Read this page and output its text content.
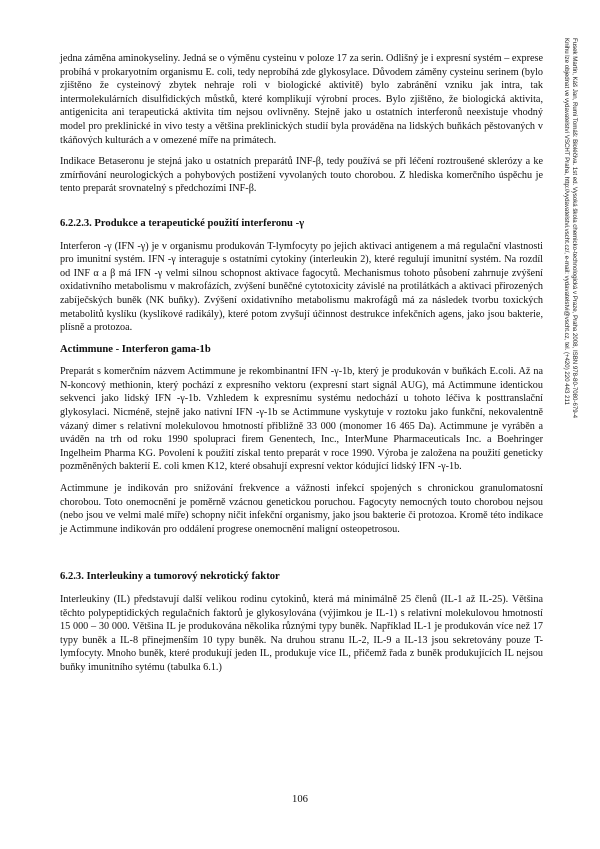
Fusek Martin, Káš Jan, Rumi Tomáš: Bioléčiva. 1st ed. Vysoká škola chemicko-technologická v Praze, Praha 2008, ISBN 978-80-7080-679-4
Knihu lze objednat ve vydavatelství VŠCHT Praha, http://vydavatelstvi.vscht.cz/, e-mail: vydavatelstvi@vscht.cz, tel. (+420) 220 443 211

jedna záměna aminokyseliny. Jedná se o výměnu cysteinu v poloze 17 za serin. Odlišný je i expresní systém – exprese probíhá v prokaryotním organismu E. coli, tedy neprobíhá zde glykosylace. Důvodem záměny cysteinu serinem (bylo zjištěno že cysteinový zbytek nehraje roli v biologické aktivitě) bylo zabránění vzniku jak intra, tak intermolekulárních disulfidických můstků, které komplikují výrobní proces. Bylo zjištěno, že biologická aktivita, antigenicita ani terapeutická aktivita tím nejsou ovlivněny. Stejně jako u ostatních interferonů neexistuje vhodný model pro preklinické in vivo testy a většina preklinických studií byla prováděna na lidských buňkách pěstovaných v tkáňových kulturách a v omezené míře na primátech.

Indikace Betaseronu je stejná jako u ostatních preparátů INF-β, tedy používá se při léčení roztroušené sklerózy a ke zmírňování neurologických a pohybových postižení vyvolaných touto chorobou. Z hlediska komerčního úspěchu je tento preparát srovnatelný s předchozími INF-β.

6.2.2.3. Produkce a terapeutické použití interferonu -γ

Interferon -γ (IFN -γ) je v organismu produkován T-lymfocyty po jejich aktivaci antigenem a má regulační vlastnosti pro imunitní systém. IFN -γ interaguje s ostatními cytokiny (interleukin 2), které regulují imunitní systém. Na rozdíl od INF α a β má IFN -γ velmi silnou schopnost aktivace fagocytů. Mechanismus tohoto působení zahrnuje zvýšení oxidativního metabolismu v makrofázích, zvýšení buněčné cytotoxicity závislé na protilátkách a aktivaci přirozených zabíječských buněk (NK buňky). Zvýšení oxidativního metabolismu makrofágů má za následek tvorbu toxických metabolitů kyslíku (kyslíkové radikály), které potom zvyšují účinnost destrukce infekčních agens, jako jsou bakterie, plísně a protozoa.

Actimmune - Interferon gama-1b

Preparát s komerčním názvem Actimmune je rekombinantní IFN -γ-1b, který je produkován v buňkách E.coli. Až na N-koncový methionin, který pochází z expresního vektoru (expresní start signál AUG), má Actimmune identickou sekvenci jako lidský IFN -γ-1b. Vzhledem k expresnímu systému nedochází u tohoto léčiva k posttranslační glykosylaci. Nicméně, stejně jako nativní IFN -γ-1b se Actimmune vyskytuje v roztoku jako funkční, nekovalentně vázaný dimer s relativní molekulovou hmotností přibližně 33 000 (monomer 16 465 Da). Actimmune je vyráběn a uváděn na trh od roku 1990 spolupraci firem Genentech, Inc., InterMune Pharmaceuticals Inc. a Boehringer Ingelheim Pharma KG. Povolení k použití získal tento preparát v roce 1990. Výroba je založena na použití geneticky pozměněných bakterií E. coli kmen K12, které obsahují expresní vektor kódující lidský IFN -γ-1b.

Actimmune je indikován pro snižování frekvence a vážnosti infekcí spojených s chronickou granulomatosní chorobou. Toto onemocnění je poměrně vzácnou genetickou poruchou. Fagocyty nemocných touto chorobou nejsou (nebo jsou ve velmi malé míře) schopny ničit infekční organismy, jako jsou bakterie či protozoa. Kromě této indikace je Actimmune indikován pro oddálení progrese onemocnění maligní osteopetrosou.

6.2.3. Interleukiny a tumorový nekrotický faktor

Interleukiny (IL) představují další velikou rodinu cytokinů, která má minimálně 25 členů (IL-1 až IL-25). Většina těchto polypeptidických regulačních faktorů je glykosylována (výjimkou je IL-1) s relativní molekulovou hmotností 15 000 – 30 000. Většina IL je produkována několika různými typy buněk. Například IL-1 je produkován více než 17 typy buněk a IL-8 přinejmenším 10 typy buněk. Na druhou stranu IL-2, IL-9 a IL-13 jsou sekretovány pouze T-lymfocyty. Mnoho buněk, které produkují jeden IL, produkuje více IL, přičemž řada z buněk produkujících IL nejsou buňky imunitního sytému (tabulka 6.1.)

106
